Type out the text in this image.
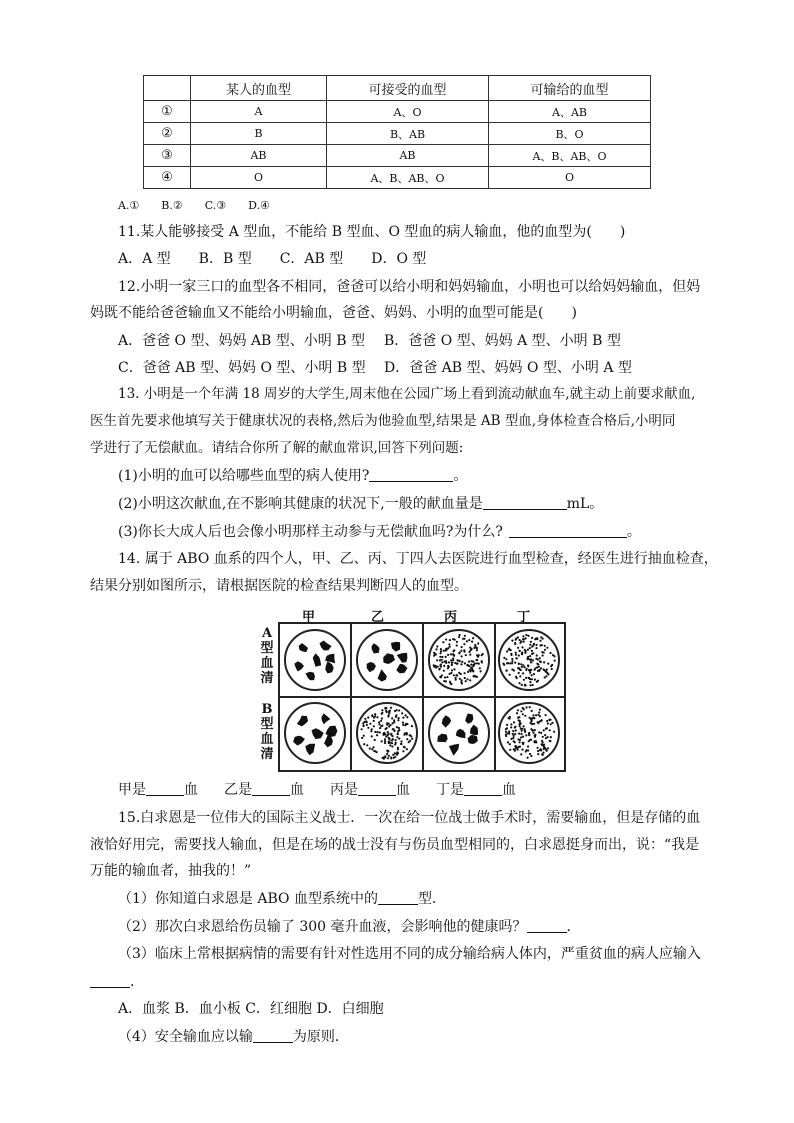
	某人的血型	可接受的血型	可输给的血型
①	A	A、O	A、AB
②	B	B、AB	B、O
③	AB	AB	A、B、AB、O
④	O	A、B、AB、O	O
A.①　　B.②　　C.③　　D.④
11.某人能够接受 A 型血，不能给 B 型血、O 型血的病人输血，他的血型为(　　)
A．A 型　　B．B 型　　C．AB 型　　D．O 型
12.小明一家三口的血型各不相同，爸爸可以给小明和妈妈输血，小明也可以给妈妈输血，但妈
妈既不能给爸爸输血又不能给小明输血，爸爸、妈妈、小明的血型可能是(　　)
A．爸爸 O 型、妈妈 AB 型、小明 B 型 B．爸爸 O 型、妈妈 A 型、小明 B 型
C．爸爸 AB 型、妈妈 O 型、小明 B 型 D．爸爸 AB 型、妈妈 O 型、小明 A 型
13. 小明是一个年满 18 周岁的大学生,周末他在公园广场上看到流动献血车,就主动上前要求献血,
医生首先要求他填写关于健康状况的表格,然后为他验血型,结果是 AB 型血,身体检查合格后,小明同
学进行了无偿献血。请结合你所了解的献血常识,回答下列问题:
(1)小明的血可以给哪些血型的病人使用?	。
(2)小明这次献血,在不影响其健康的状况下,一般的献血量是	mL。
(3)你长大成人后也会像小明那样主动参与无偿献血吗?为什么?	。
14. 属于 ABO 血系的四个人，甲、乙、丙、丁四人去医院进行血型检查，经医生进行抽血检查，
结果分别如图所示，请根据医院的检查结果判断四人的血型。
甲	乙	丙	丁
A型血清
B型血清
甲是	血 乙是	血 丙是	血 丁是	血
15.白求恩是一位伟大的国际主义战士．一次在给一位战士做手术时，需要输血，但是存储的血
液恰好用完，需要找人输血，但是在场的战士没有与伤员血型相同的，白求恩挺身而出，说：“我是
万能的输血者，抽我的！”
（1）你知道白求恩是 ABO 血型系统中的	型．
（2）那次白求恩给伤员输了 300 毫升血液，会影响他的健康吗？	．
（3）临床上常根据病情的需要有针对性选用不同的成分输给病人体内，严重贫血的病人应输入
．
A．血浆 B．血小板 C．红细胞 D．白细胞
（4）安全输血应以输	为原则．
